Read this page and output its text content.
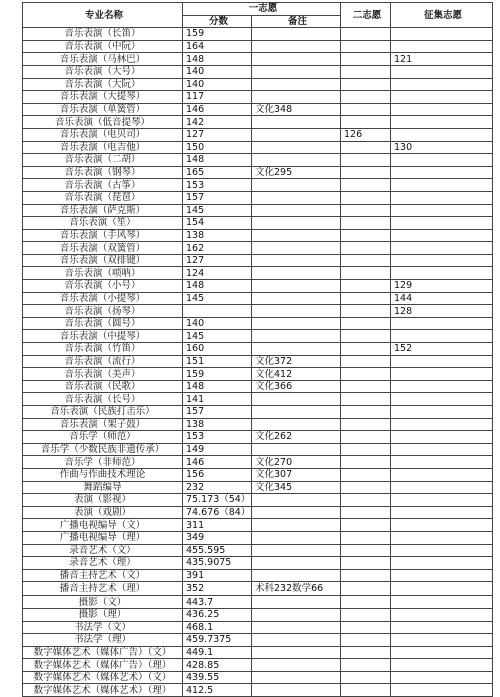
专业名称	一志愿		二志愿	征集志愿
	分数	备注		
音乐表演（长笛）	159			
音乐表演（中阮）	164			
音乐表演（马林巴）	148			121
音乐表演（大号）	140			
音乐表演（大阮）	140			
音乐表演（大提琴）	117			
音乐表演（单簧管）	146	文化348		
音乐表演（低音提琴）	142			
音乐表演（电贝司）	127		126	
音乐表演（电吉他）	150			130
音乐表演（二胡）	148			
音乐表演（钢琴）	165	文化295		
音乐表演（古筝）	153			
音乐表演（琵琶）	157			
音乐表演（萨克斯）	145			
音乐表演（笙）	154			
音乐表演（手风琴）	138			
音乐表演（双簧管）	162			
音乐表演（双排键）	127			
音乐表演（唢呐）	124			
音乐表演（小号）	148			129
音乐表演（小提琴）	145			144
音乐表演（扬琴）				128
音乐表演（圆号）	140			
音乐表演（中提琴）	145			
音乐表演（竹笛）	160			152
音乐表演（流行）	151	文化372		
音乐表演（美声）	159	文化412		
音乐表演（民歌）	148	文化366		
音乐表演（长号）	141			
音乐表演（民族打击乐）	157			
音乐表演（架子鼓）	138			
音乐学（师范）	153	文化262		
音乐学（少数民族非遗传承）	149			
音乐学（非师范）	146	文化270		
作曲与作曲技术理论	156	文化307		
舞蹈编导	232	文化345		
表演（影视）	75.173（54）			
表演（戏剧）	74.676（84）			
广播电视编导（文）	311			
广播电视编导（理）	349			
录音艺术（文）	455.595			
录音艺术（理）	435.9075			
播音主持艺术（文）	391			
播音主持艺术（理）	352	术科232数学66		
摄影（文）	443.7			
摄影（理）	436.25			
书法学（文）	468.1			
书法学（理）	459.7375			
数字媒体艺术（媒体广告）（文）	449.1			
数字媒体艺术（媒体广告）（理）	428.85			
数字媒体艺术（媒体艺术）（文）	439.55			
数字媒体艺术（媒体艺术）（理）	412.5			
